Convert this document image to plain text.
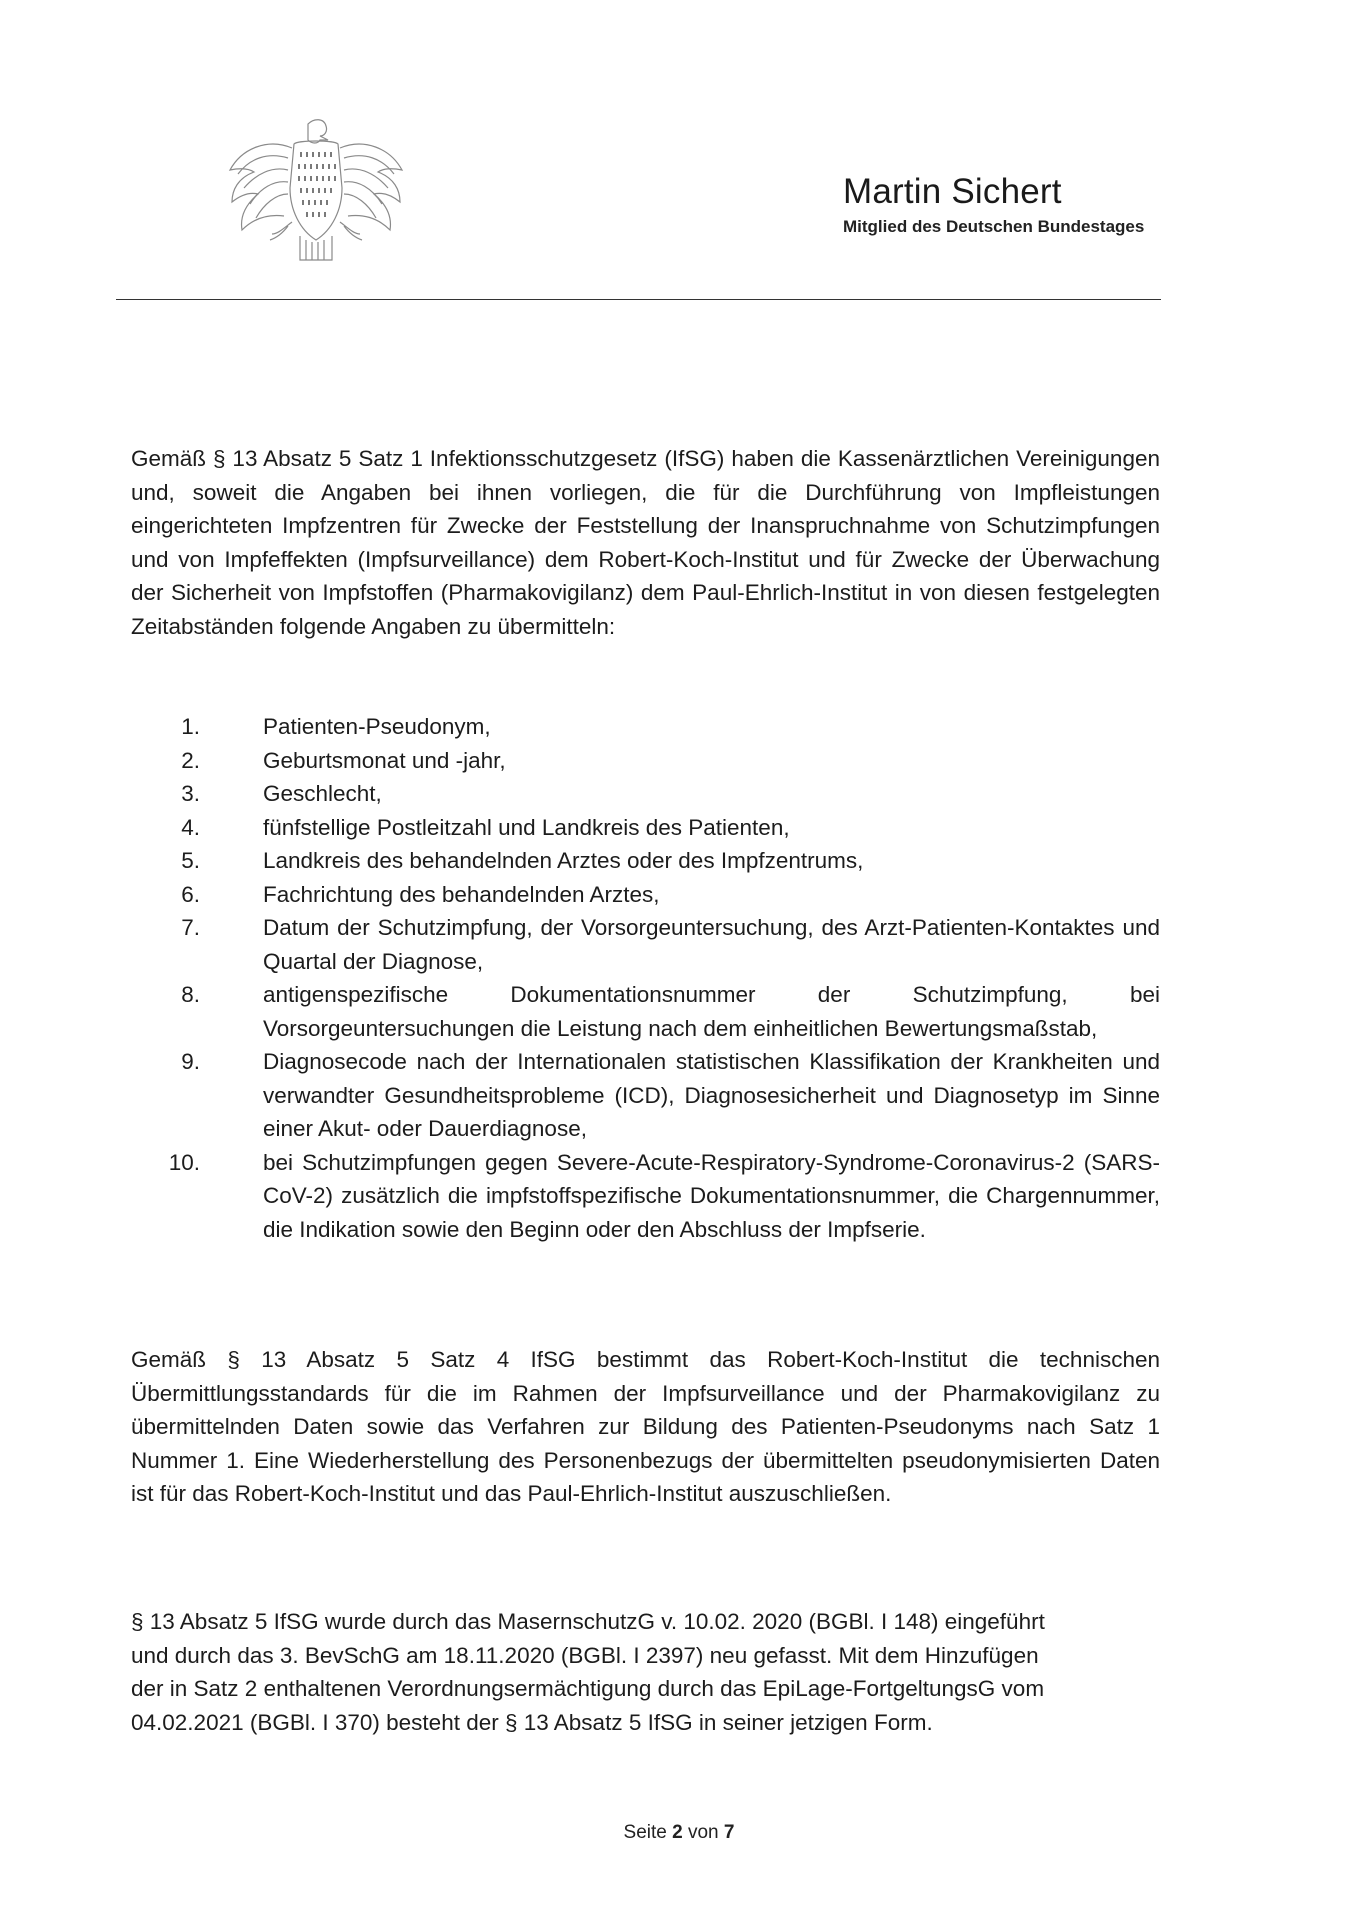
Martin Sichert
Mitglied des Deutschen Bundestages

Gemäß § 13 Absatz 5 Satz 1 Infektionsschutzgesetz (IfSG) haben die Kassenärztlichen Vereinigungen und, soweit die Angaben bei ihnen vorliegen, die für die Durchführung von Impfleistungen eingerichteten Impfzentren für Zwecke der Feststellung der Inanspruchnahme von Schutzimpfungen und von Impfeffekten (Impfsurveillance) dem Robert-Koch-Institut und für Zwecke der Überwachung der Sicherheit von Impfstoffen (Pharmakovigilanz) dem Paul-Ehrlich-Institut in von diesen festgelegten Zeitabständen folgende Angaben zu übermitteln:

1.	Patienten-Pseudonym,
2.	Geburtsmonat und -jahr,
3.	Geschlecht,
4.	fünfstellige Postleitzahl und Landkreis des Patienten,
5.	Landkreis des behandelnden Arztes oder des Impfzentrums,
6.	Fachrichtung des behandelnden Arztes,
7.	Datum der Schutzimpfung, der Vorsorgeuntersuchung, des Arzt-Patienten-Kontaktes und Quartal der Diagnose,
8.	antigenspezifische Dokumentationsnummer der Schutzimpfung, bei Vorsorgeuntersuchungen die Leistung nach dem einheitlichen Bewertungsmaßstab,
9.	Diagnosecode nach der Internationalen statistischen Klassifikation der Krankheiten und verwandter Gesundheitsprobleme (ICD), Diagnosesicherheit und Diagnosetyp im Sinne einer Akut- oder Dauerdiagnose,
10.	bei Schutzimpfungen gegen Severe-Acute-Respiratory-Syndrome-Coronavirus-2 (SARS-CoV-2) zusätzlich die impfstoffspezifische Dokumentationsnummer, die Chargennummer, die Indikation sowie den Beginn oder den Abschluss der Impfserie.

Gemäß § 13 Absatz 5 Satz 4 IfSG bestimmt das Robert-Koch-Institut die technischen Übermittlungsstandards für die im Rahmen der Impfsurveillance und der Pharmakovigilanz zu übermittelnden Daten sowie das Verfahren zur Bildung des Patienten-Pseudonyms nach Satz 1 Nummer 1. Eine Wiederherstellung des Personenbezugs der übermittelten pseudonymisierten Daten ist für das Robert-Koch-Institut und das Paul-Ehrlich-Institut auszuschließen.

§ 13 Absatz 5 IfSG wurde durch das MasernschutzG v. 10.02. 2020 (BGBl. I 148) eingeführt
und durch das 3. BevSchG am 18.11.2020 (BGBl. I 2397) neu gefasst. Mit dem Hinzufügen
der in Satz 2 enthaltenen Verordnungsermächtigung durch das EpiLage-FortgeltungsG vom
04.02.2021 (BGBl. I 370) besteht der § 13 Absatz 5 IfSG in seiner jetzigen Form.
Seite 2 von 7
